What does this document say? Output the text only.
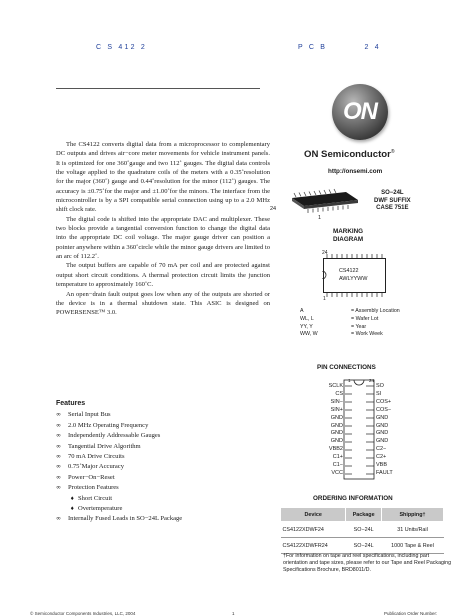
C S 412 2	P C B         2 4

The CS4122 converts digital data from a microprocessor to complementary DC outputs and drives air−core meter movements for vehicle instrument panels. It is optimized for one 360˚gauge and two 112˚ gauges. The digital data controls the voltage applied to the quadrature coils of the meters with a 0.35˚resolution for the major (360˚) gauge and 0.44˚resolution for the minor (112˚) gauges. The accuracy is ±0.75˚for the major and ±1.00˚for the minors. The interface from the microcontroller is by a SPI compatible serial connection using up to a 2.0 MHz shift clock rate.

The digital code is shifted into the appropriate DAC and multiplexer. These two blocks provide a tangential conversion function to change the digital data into the appropriate DC coil voltage. The major gauge driver can position a pointer anywhere within a 360˚circle while the minor gauge drivers are limited to an arc of 112.2˚.

The output buffers are capable of 70 mA per coil and are protected against output short circuit conditions. A thermal protection circuit limits the junction temperature to approximately 160˚C.

An open−drain fault output goes low when any of the outputs are shorted or the device is in a thermal shutdown state. This ASIC is designed on POWERSENSE™ 3.0.

Features
∞	Serial Input Bus
∞	2.0 MHz Operating Frequency
∞	Independently Addressable Gauges
∞	Tangential Drive Algorithm
∞	70 mA Drive Circuits
∞	0.75˚Major Accuracy
∞	Power−On−Reset
∞	Protection Features
♦ Short Circuit
♦ Overtemperature
∞	Internally Fused Leads in SO−24L Package
ON
ON Semiconductor®
http://onsemi.com
24
1
SO−24L
DWF SUFFIX
CASE 751E
MARKING
DIAGRAM
24
CS4122
AWLYYWW
1
A	= Assembly Location
WL, L	= Wafer Lot
YY, Y	= Year
WW, W	= Work Week
PIN CONNECTIONS
1	24
SCLK
CS
SIN−
SIN+
GND
GND
GND
GND
VBB2
C1+
C1−
VCC
SO
SI
COS+
COS−
GND
GND
GND
GND
C2−
C2+
VBB
FAULT
ORDERING INFORMATION
Device	Package	Shipping†
CS4122XDWF24	SO−24L	31 Units/Rail
CS4122XDWFR24	SO−24L	1000 Tape & Reel
†For information on tape and reel specifications, including part orientation and tape sizes, please refer to our Tape and Reel Packaging Specifications Brochure, BRD8011/D.
© Semiconductor Components Industries, LLC, 2004	1	Publication Order Number:
